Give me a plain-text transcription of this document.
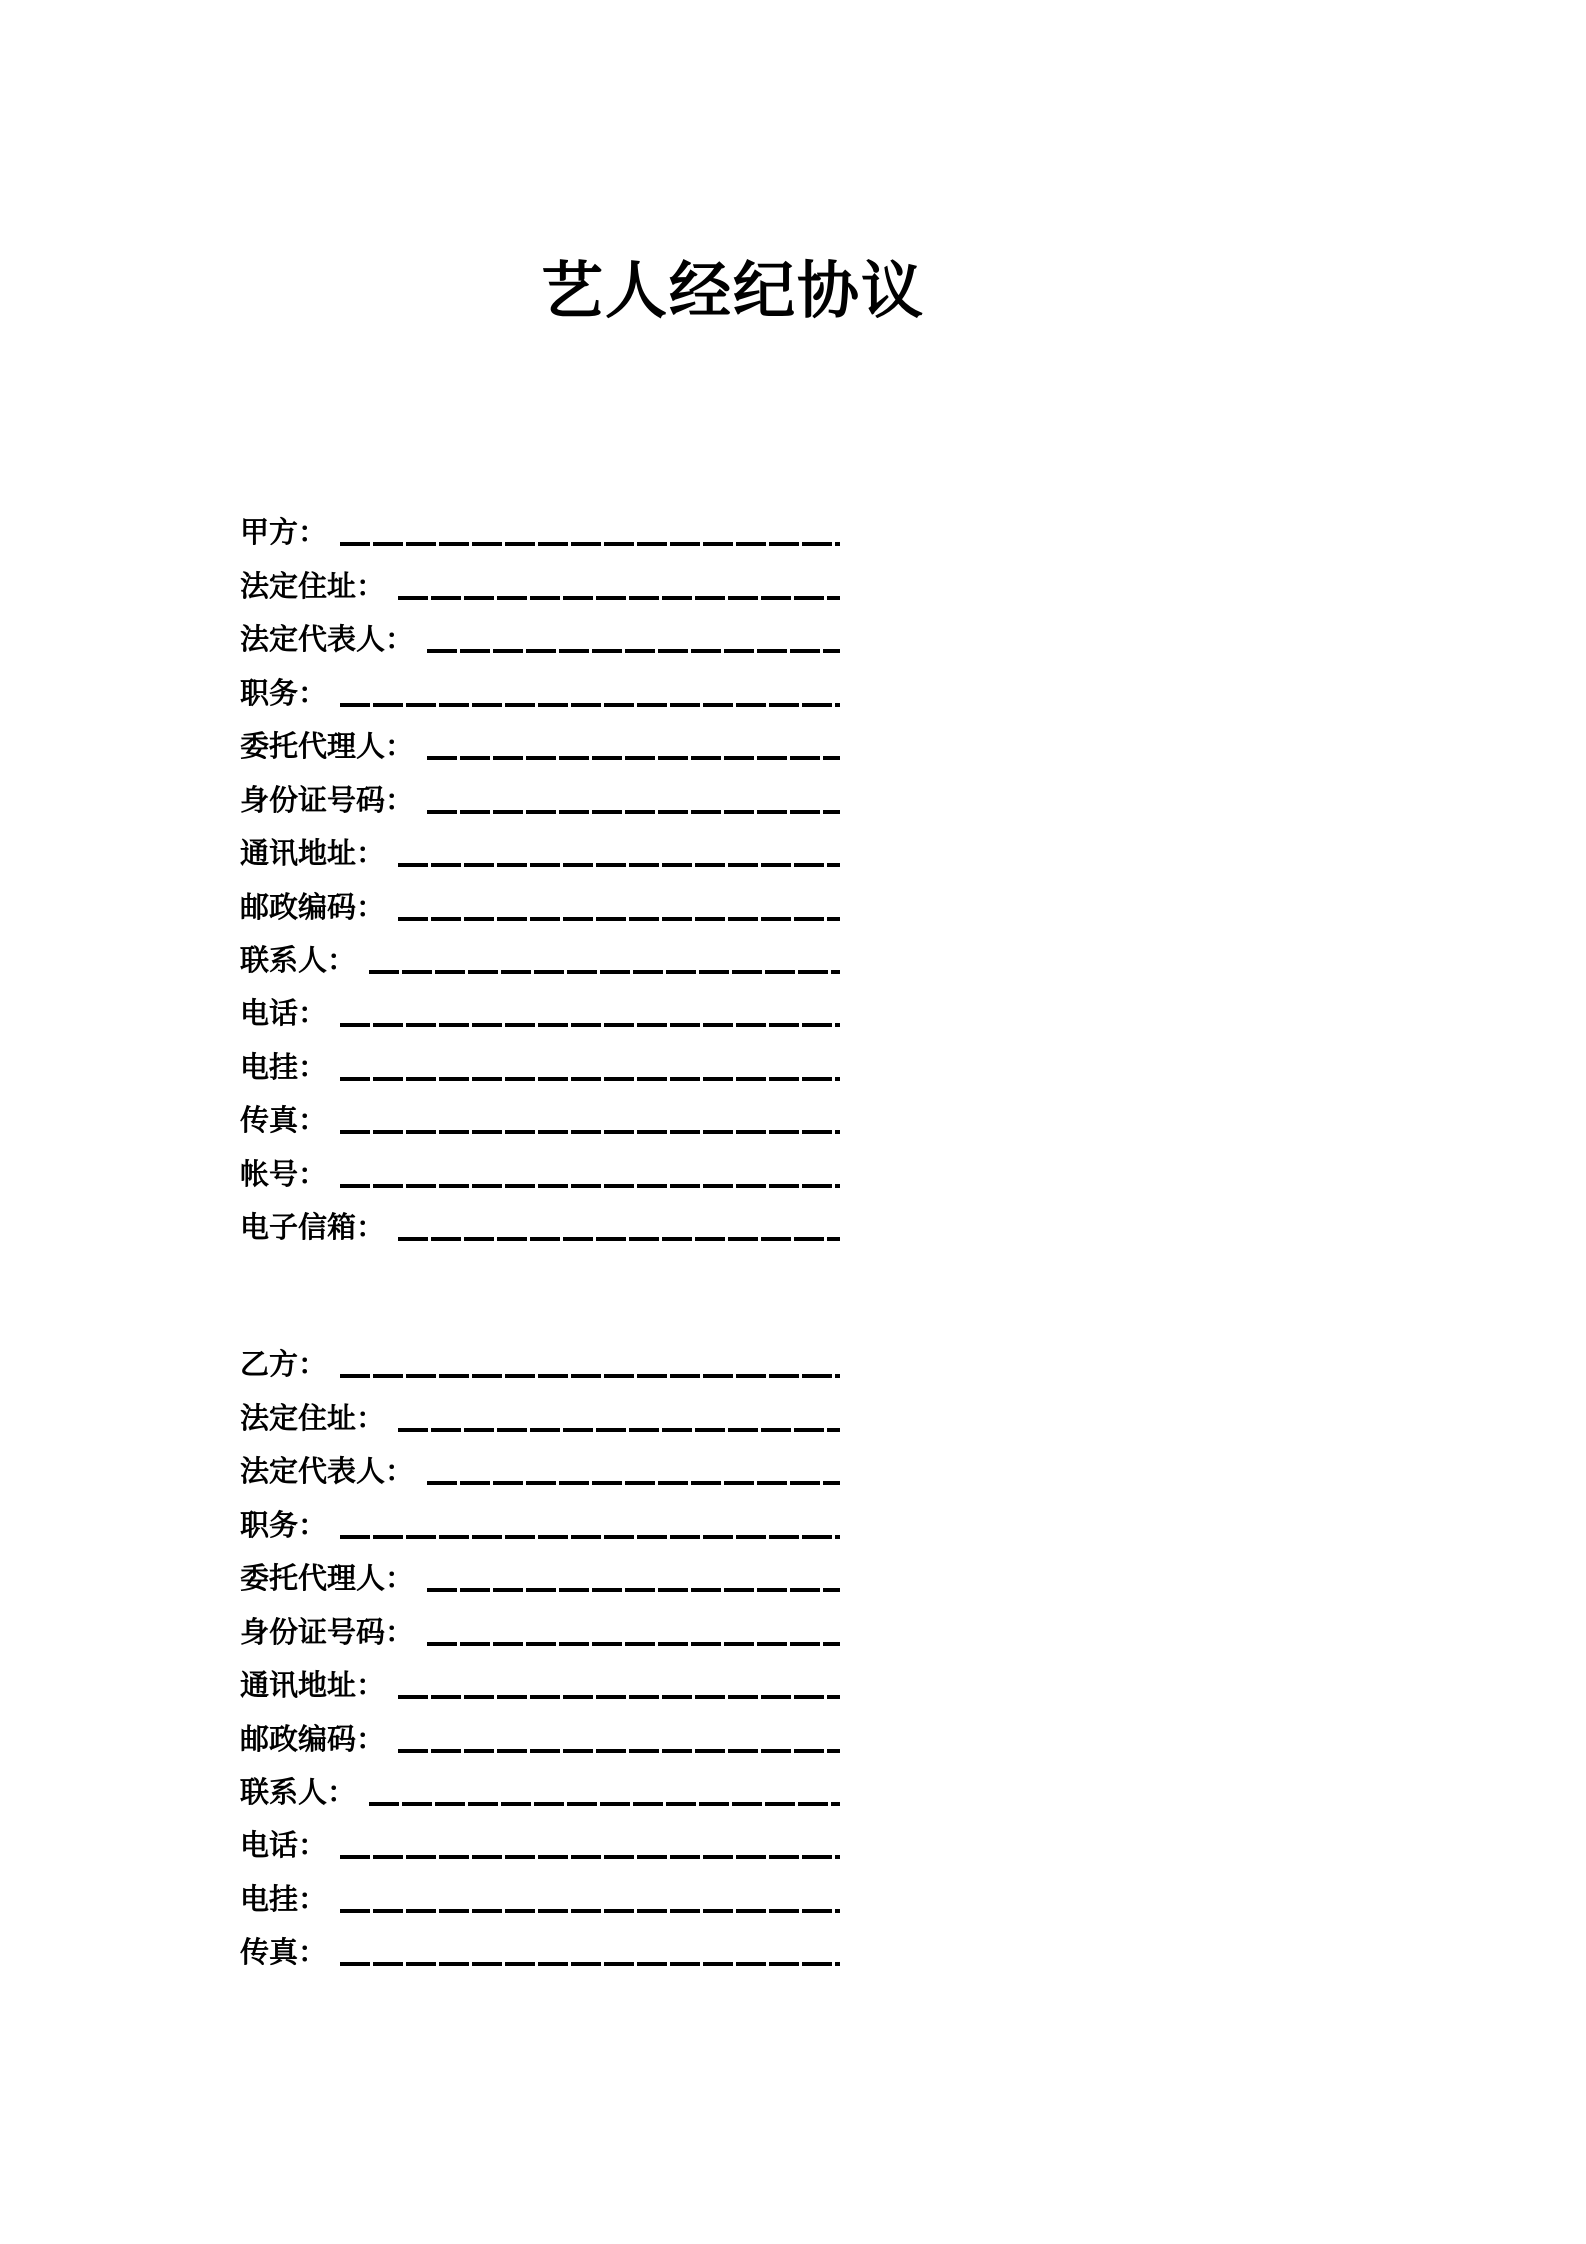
艺人经纪协议
甲方：
法定住址：
法定代表人：
职务：
委托代理人：
身份证号码：
通讯地址：
邮政编码：
联系人：
电话：
电挂：
传真：
帐号：
电子信箱：
乙方：
法定住址：
法定代表人：
职务：
委托代理人：
身份证号码：
通讯地址：
邮政编码：
联系人：
电话：
电挂：
传真：
